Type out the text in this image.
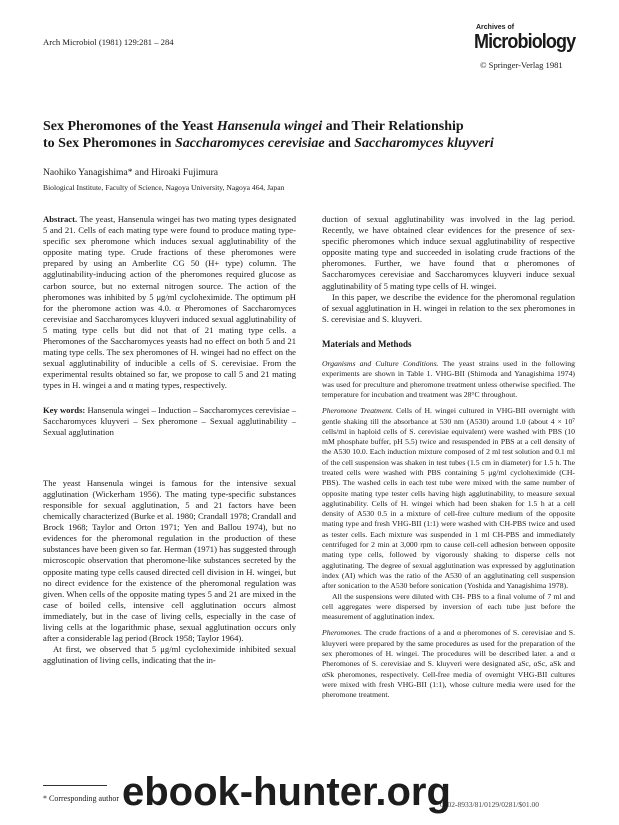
Arch Microbiol (1981) 129:281 – 284
Archives of
Microbiology
© Springer-Verlag 1981
Sex Pheromones of the Yeast Hansenula wingei and Their Relationship
to Sex Pheromones in Saccharomyces cerevisiae and Saccharomyces kluyveri
Naohiko Yanagishima* and Hiroaki Fujimura
Biological Institute, Faculty of Science, Nagoya University, Nagoya 464, Japan

Abstract. The yeast, Hansenula wingei has two mating types designated 5 and 21. Cells of each mating type were found to produce mating type-specific sex pheromone which induces sexual agglutinability of the opposite mating type. Crude fractions of these pheromones were prepared by using an Amberlite CG 50 (H+ type) column. The agglutinability-inducing action of the pheromones required glucose as carbon source, but no external nitrogen source. The action of the pheromones was inhibited by 5 μg/ml cycloheximide. The optimum pH for the pheromone action was 4.0. α Pheromones of Saccharomyces cerevisiae and Saccharomyces kluyveri induced sexual agglutinability of 5 mating type cells but did not that of 21 mating type cells. a Pheromones of the Saccharomyces yeasts had no effect on both 5 and 21 mating type cells. The sex pheromones of H. wingei had no effect on the sexual agglutinability of inducible a cells of S. cerevisiae. From the experimental results obtained so far, we propose to call 5 and 21 mating types in H. wingei a and α mating types, respectively.

Key words: Hansenula wingei – Induction – Saccharomyces cerevisiae – Saccharomyces kluyveri – Sex pheromone – Sexual agglutinability – Sexual agglutination

The yeast Hansenula wingei is famous for the intensive sexual agglutination (Wickerham 1956). The mating type-specific substances responsible for sexual agglutination, 5 and 21 factors have been chemically characterized (Burke et al. 1980; Crandall 1978; Crandall and Brock 1968; Taylor and Orton 1971; Yen and Ballou 1974), but no evidences for the pheromonal regulation in the production of these substances have been given so far. Herman (1971) has suggested through microscopic observation that pheromone-like substances secreted by the opposite mating type cells caused directed cell division in H. wingei, but no direct evidence for the existence of the pheromonal regulation was given. When cells of the opposite mating types 5 and 21 are mixed in the case of boiled cells, intensive cell agglutination occurs almost immediately, but in the case of living cells, especially in the case of living cells at the logarithmic phase, sexual agglutination occurs only after a considerable lag period (Brock 1958; Taylor 1964).

At first, we observed that 5 μg/ml cycloheximide inhibited sexual agglutination of living cells, indicating that the in-

duction of sexual agglutinability was involved in the lag period. Recently, we have obtained clear evidences for the presence of sex-specific pheromones which induce sexual agglutinability of respective opposite mating type and succeeded in isolating crude fractions of the pheromones. Further, we have found that α pheromones of Saccharomyces cerevisiae and Saccharomyces kluyveri induce sexual agglutinability of 5 mating type cells of H. wingei.

In this paper, we describe the evidence for the pheromonal regulation of sexual agglutination in H. wingei in relation to the sex pheromones in S. cerevisiae and S. kluyveri.

Materials and Methods

Organisms and Culture Conditions. The yeast strains used in the following experiments are shown in Table 1. VHG-BII (Shimoda and Yanagishima 1974) was used for preculture and pheromone treatment unless otherwise specified. The temperature for incubation and treatment was 28°C throughout.

Pheromone Treatment. Cells of H. wingei cultured in VHG-BII overnight with gentle shaking till the absorbance at 530 nm (A530) around 1.0 (about 4 × 10⁷ cells/ml in haploid cells of S. cerevisiae equivalent) were washed with PBS (10 mM phosphate buffer, pH 5.5) twice and resuspended in PBS at a cell density of the A530 10.0. Each induction mixture composed of 2 ml test solution and 0.1 ml of the cell suspension was shaken in test tubes (1.5 cm in diameter) for 1.5 h. The treated cells were washed with PBS containing 5 μg/ml cycloheximide (CH-PBS). The washed cells in each test tube were mixed with the same number of opposite mating type tester cells having high agglutinability, to measure sexual agglutinability. Cells of H. wingei which had been shaken for 1.5 h at a cell density of A530 0.5 in a mixture of cell-free culture medium of the opposite mating type and fresh VHG-BII (1:1) were washed with CH-PBS twice and used as tester cells. Each mixture was suspended in 1 ml CH-PBS and immediately centrifuged for 2 min at 3,000 rpm to cause cell-cell adhesion between opposite mating type cells, followed by vigorously shaking to disperse cells not agglutinating. The degree of sexual agglutination was expressed by agglutination index (AI) which was the ratio of the A530 of an agglutinating cell suspension after sonication to the A530 before sonication (Yoshida and Yanagishima 1978).

All the suspensions were diluted with CH- PBS to a final volume of 7 ml and cell aggregates were dispersed by inversion of each tube just before the measurement of agglutination index.

Pheromones. The crude fractions of a and α pheromones of S. cerevisiae and S. kluyveri were prepared by the same procedures as used for the preparation of the sex pheromones of H. wingei. The procedures will be described later. a and α Pheromones of S. cerevisiae and S. kluyveri were designated aSc, αSc, aSk and αSk pheromones, respectively. Cell-free media of overnight VHG-BII cultures were mixed with fresh VHG-BII (1:1), whose culture media were used for the pheromone treatment.

* Corresponding author
0302-8933/81/0129/0281/$01.00
ebook-hunter.org
